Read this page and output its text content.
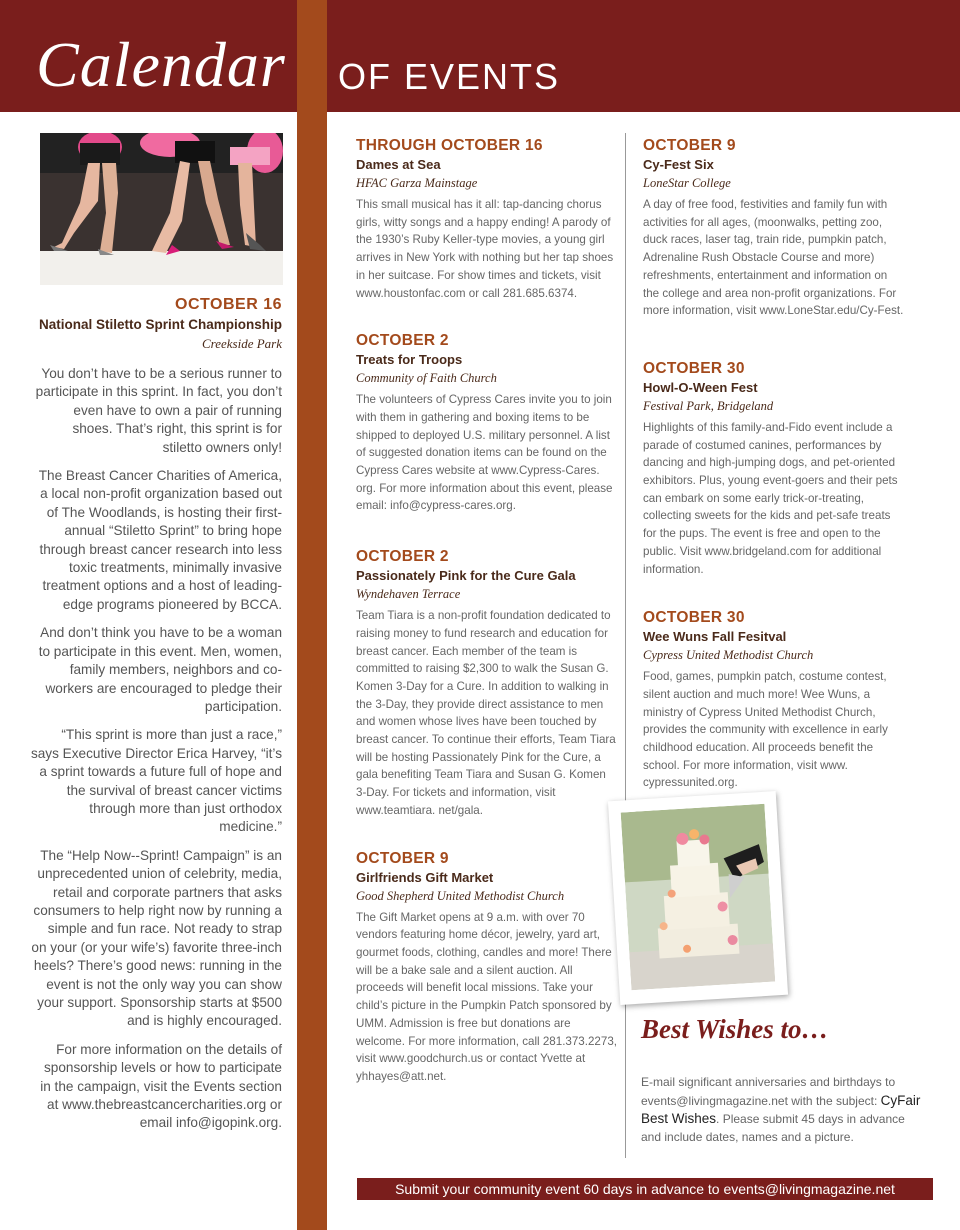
Calendar OF EVENTS
OCTOBER 16
National Stiletto Sprint Championship
Creekside Park

You don’t have to be a serious runner to participate in this sprint. In fact, you don’t even have to own a pair of running shoes. That’s right, this sprint is for stiletto owners only!

The Breast Cancer Charities of America, a local non-profit organization based out of The Woodlands, is hosting their first-annual “Stiletto Sprint” to bring hope through breast cancer research into less toxic treatments, minimally invasive treatment options and a host of leading-edge programs pioneered by BCCA.

And don’t think you have to be a woman to participate in this event. Men, women, family members, neighbors and co-workers are encouraged to pledge their participation.

“This sprint is more than just a race,” says Executive Director Erica Harvey, “it’s a sprint towards a future full of hope and the survival of breast cancer victims through more than just orthodox medicine.”

The “Help Now--Sprint! Campaign” is an unprecedented union of celebrity, media, retail and corporate partners that asks consumers to help right now by running a simple and fun race. Not ready to strap on your (or your wife’s) favorite three-inch heels? There’s good news: running in the event is not the only way you can show your support. Sponsorship starts at $500 and is highly encouraged.

For more information on the details of sponsorship levels or how to participate in the campaign, visit the Events section at www.thebreastcancercharities.org or email info@igopink.org.

THROUGH OCTOBER 16
Dames at Sea
HFAC Garza Mainstage
This small musical has it all: tap-dancing chorus girls, witty songs and a happy ending! A parody of the 1930’s Ruby Keller-type movies, a young girl arrives in New York with nothing but her tap shoes in her suitcase. For show times and tickets, visit www.houstonfac.com or call 281.685.6374.
OCTOBER 2
Treats for Troops
Community of Faith Church
The volunteers of Cypress Cares invite you to join with them in gathering and boxing items to be shipped to deployed U.S. military personnel. A list of suggested donation items can be found on the Cypress Cares website at www.Cypress-Cares. org. For more information about this event, please email: info@cypress-cares.org.
OCTOBER 2
Passionately Pink for the Cure Gala
Wyndehaven Terrace
Team Tiara is a non-profit foundation dedicated to raising money to fund research and education for breast cancer. Each member of the team is committed to raising $2,300 to walk the Susan G. Komen 3-Day for a Cure. In addition to walking in the 3-Day, they provide direct assistance to men and women whose lives have been touched by breast cancer. To continue their efforts, Team Tiara will be hosting Passionately Pink for the Cure, a gala benefiting Team Tiara and Susan G. Komen 3-Day. For tickets and information, visit www.teamtiara. net/gala.
OCTOBER 9
Girlfriends Gift Market
Good Shepherd United Methodist Church
The Gift Market opens at 9 a.m. with over 70 vendors featuring home décor, jewelry, yard art, gourmet foods, clothing, candles and more! There will be a bake sale and a silent auction. All proceeds will benefit local missions. Take your child’s picture in the Pumpkin Patch sponsored by UMM. Admission is free but donations are welcome. For more information, call 281.373.2273, visit www.goodchurch.us or contact Yvette at yhhayes@att.net.
OCTOBER 9
Cy-Fest Six
LoneStar College
A day of free food, festivities and family fun with activities for all ages, (moonwalks, petting zoo, duck races, laser tag, train ride, pumpkin patch, Adrenaline Rush Obstacle Course and more) refreshments, entertainment and information on the college and area non-profit organizations. For more information, visit www.LoneStar.edu/Cy-Fest.
OCTOBER 30
Howl-O-Ween Fest
Festival Park, Bridgeland
Highlights of this family-and-Fido event include a parade of costumed canines, performances by dancing and high-jumping dogs, and pet-oriented exhibitors. Plus, young event-goers and their pets can embark on some early trick-or-treating, collecting sweets for the kids and pet-safe treats for the pups. The event is free and open to the public. Visit www.bridgeland.com for additional information.
OCTOBER 30
Wee Wuns Fall Fesitval
Cypress United Methodist Church
Food, games, pumpkin patch, costume contest, silent auction and much more! Wee Wuns, a ministry of Cypress United Methodist Church, provides the community with excellence in early childhood education. All proceeds benefit the school. For more information, visit www. cypressunited.org.
Best Wishes to…
E-mail significant anniversaries and birthdays to events@livingmagazine.net with the subject: CyFair Best Wishes. Please submit 45 days in advance and include dates, names and a picture.
Submit your community event 60 days in advance to events@livingmagazine.net
